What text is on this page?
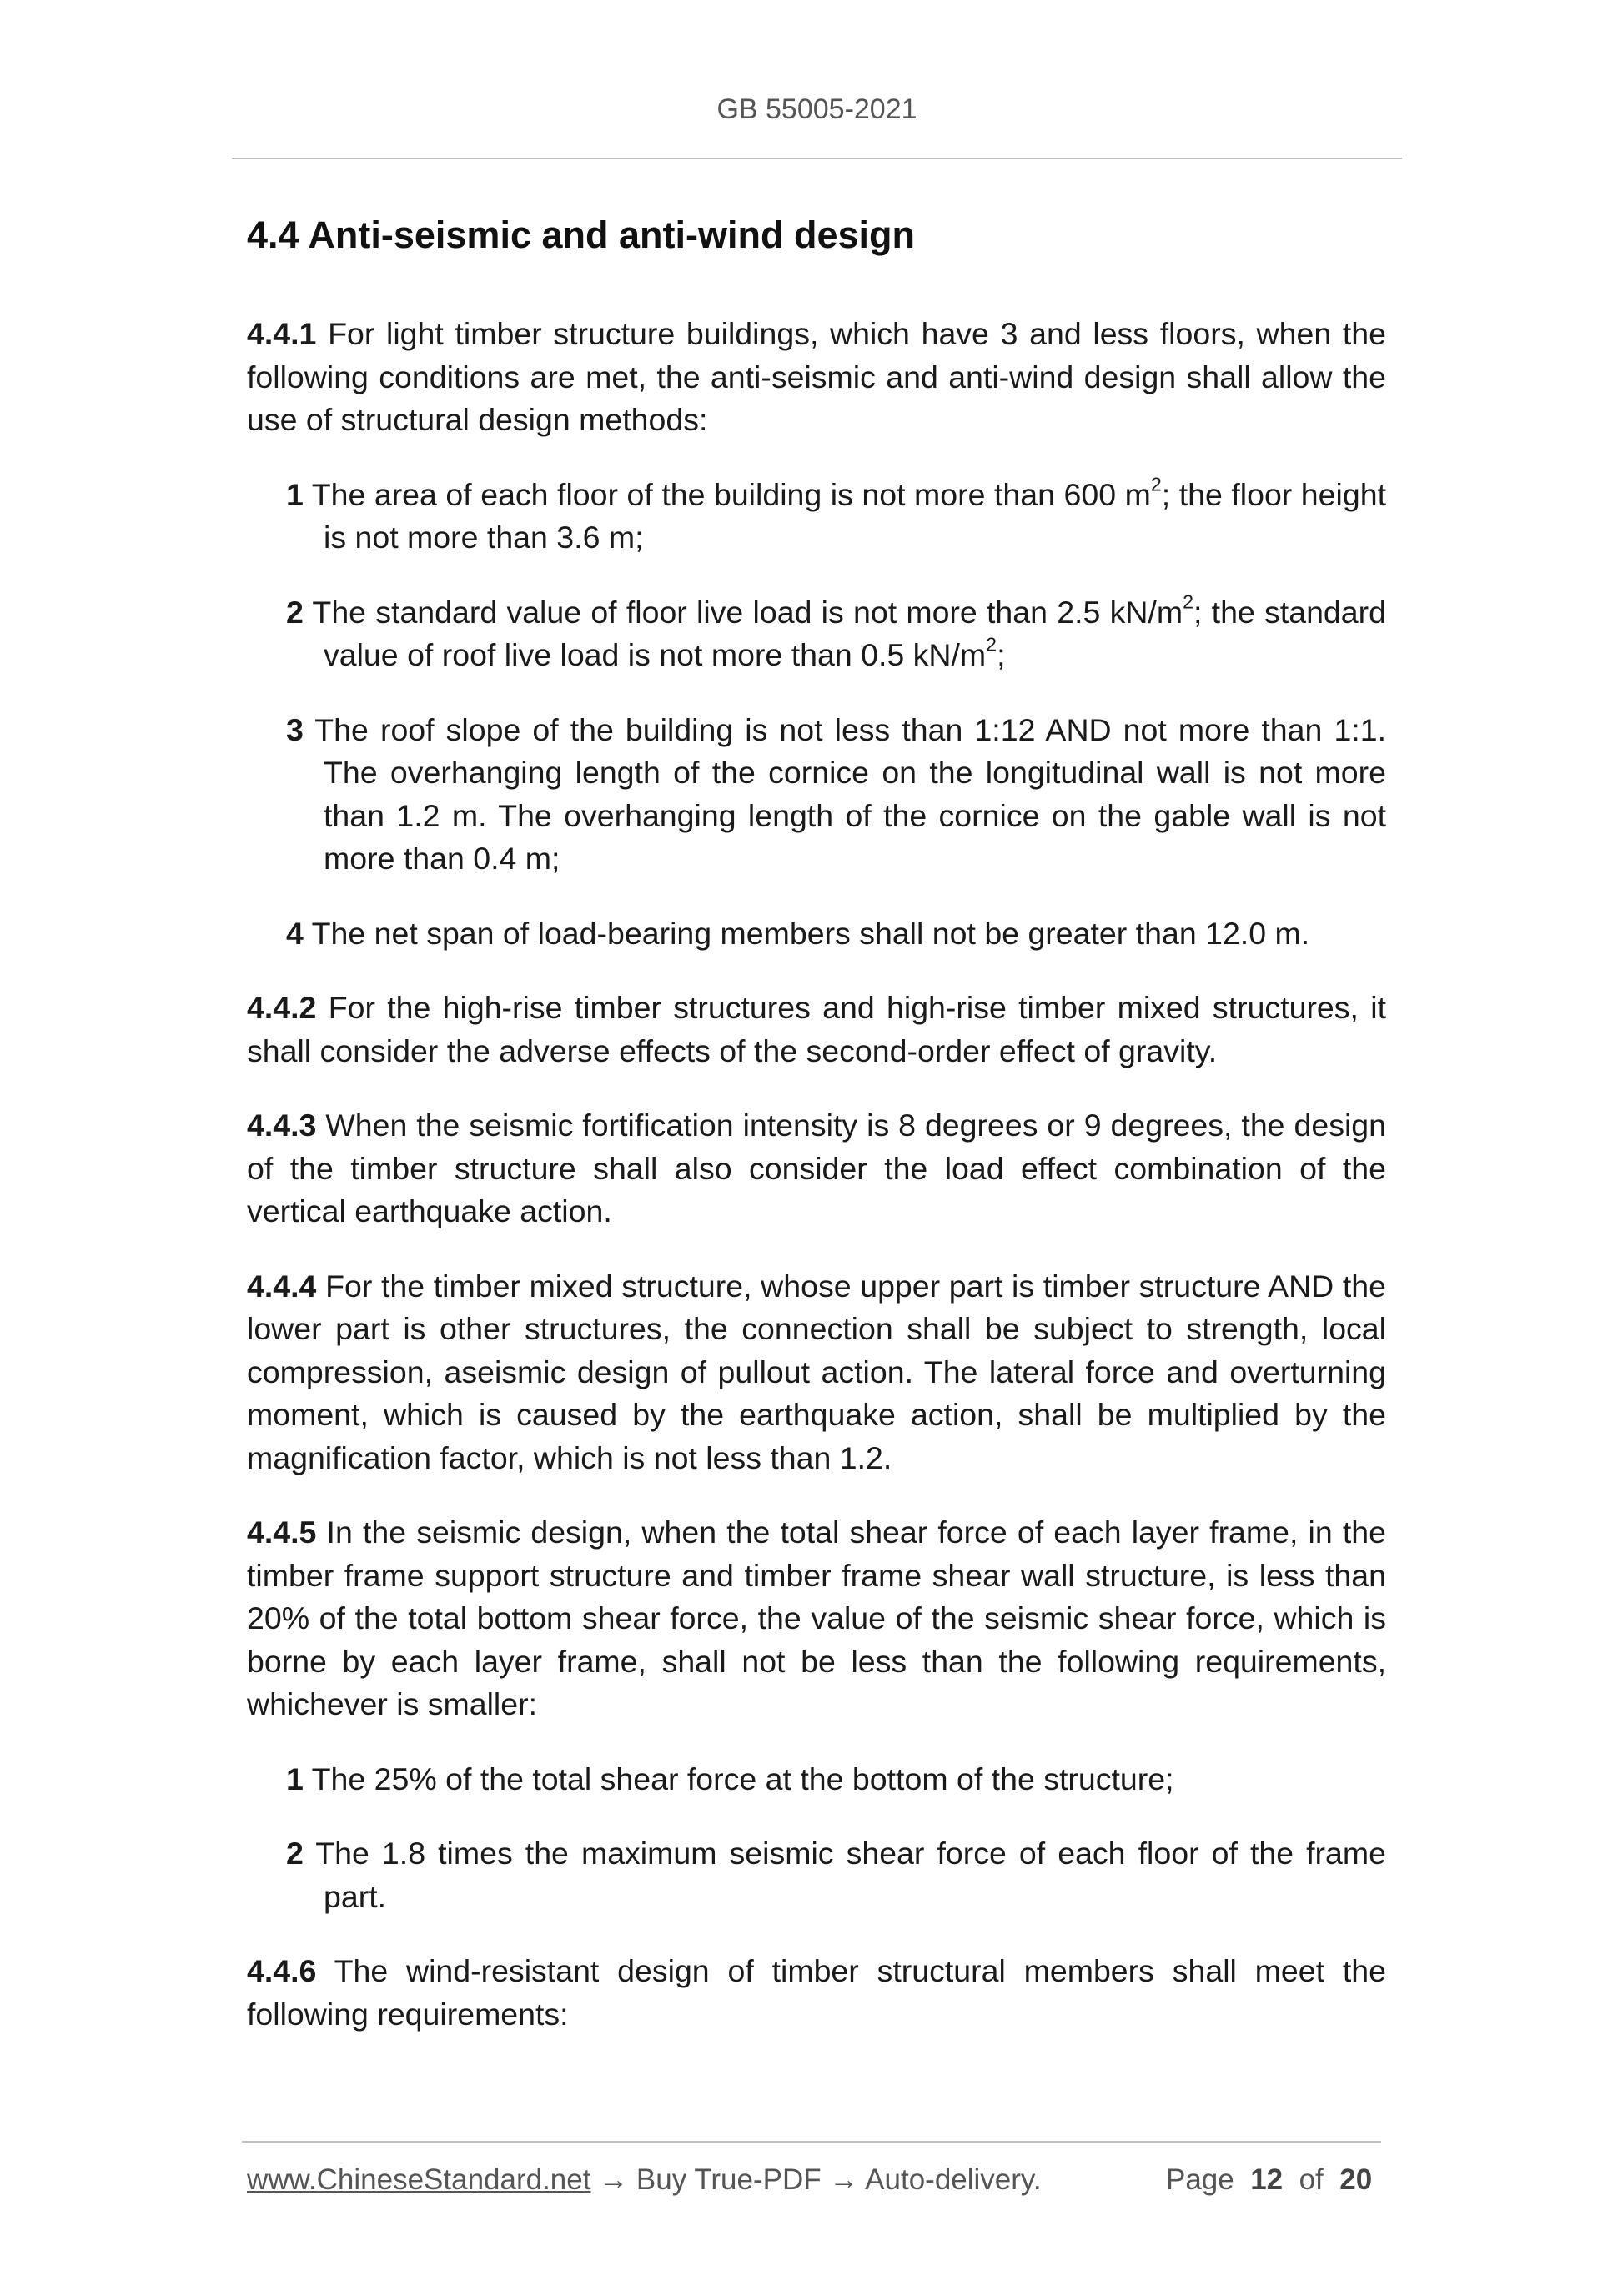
GB 55005-2021
4.4 Anti-seismic and anti-wind design

4.4.1 For light timber structure buildings, which have 3 and less floors, when the following conditions are met, the anti-seismic and anti-wind design shall allow the use of structural design methods:

1 The area of each floor of the building is not more than 600 $m^2$; the floor height is not more than 3.6 m;

2 The standard value of floor live load is not more than 2.5 $kN/m^2$; the standard value of roof live load is not more than 0.5 $kN/m^2$;

3 The roof slope of the building is not less than 1:12 AND not more than 1:1. The overhanging length of the cornice on the longitudinal wall is not more than 1.2 m. The overhanging length of the cornice on the gable wall is not more than 0.4 m;

4 The net span of load-bearing members shall not be greater than 12.0 m.

4.4.2 For the high-rise timber structures and high-rise timber mixed structures, it shall consider the adverse effects of the second-order effect of gravity.

4.4.3 When the seismic fortification intensity is 8 degrees or 9 degrees, the design of the timber structure shall also consider the load effect combination of the vertical earthquake action.

4.4.4 For the timber mixed structure, whose upper part is timber structure AND the lower part is other structures, the connection shall be subject to strength, local compression, aseismic design of pullout action. The lateral force and overturning moment, which is caused by the earthquake action, shall be multiplied by the magnification factor, which is not less than 1.2.

4.4.5 In the seismic design, when the total shear force of each layer frame, in the timber frame support structure and timber frame shear wall structure, is less than 20% of the total bottom shear force, the value of the seismic shear force, which is borne by each layer frame, shall not be less than the following requirements, whichever is smaller:

1 The 25% of the total shear force at the bottom of the structure;

2 The 1.8 times the maximum seismic shear force of each floor of the frame part.

4.4.6 The wind-resistant design of timber structural members shall meet the following requirements:

www.ChineseStandard.net → Buy True-PDF → Auto-delivery.	Page 12 of 20
